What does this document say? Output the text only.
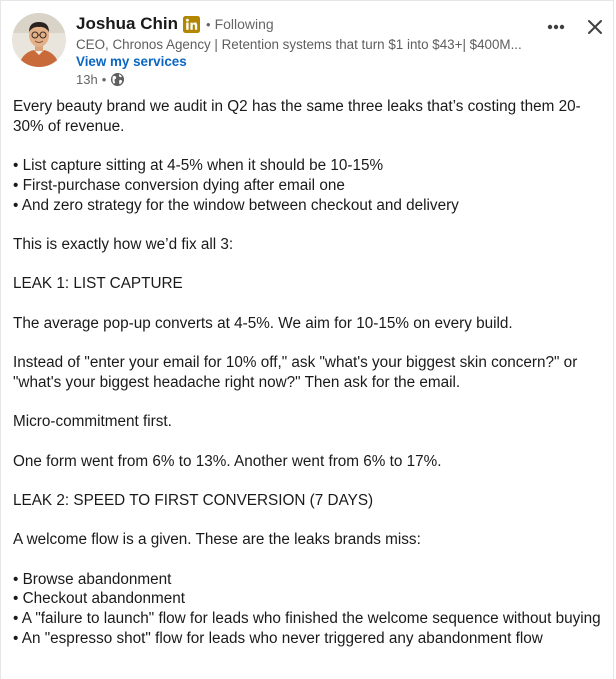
Joshua Chin • Following
CEO, Chronos Agency | Retention systems that turn $1 into $43+| $400M...
View my services
13h •

Every beauty brand we audit in Q2 has the same three leaks that’s costing them 20-30% of revenue.

• List capture sitting at 4-5% when it should be 10-15%

• First-purchase conversion dying after email one

• And zero strategy for the window between checkout and delivery

This is exactly how we’d fix all 3:

LEAK 1: LIST CAPTURE

The average pop-up converts at 4-5%. We aim for 10-15% on every build.

Instead of "enter your email for 10% off," ask "what's your biggest skin concern?" or "what's your biggest headache right now?" Then ask for the email.

Micro-commitment first.

One form went from 6% to 13%. Another went from 6% to 17%.

LEAK 2: SPEED TO FIRST CONVERSION (7 DAYS)

A welcome flow is a given. These are the leaks brands miss:

• Browse abandonment

• Checkout abandonment

• A "failure to launch" flow for leads who finished the welcome sequence without buying

• An "espresso shot" flow for leads who never triggered any abandonment flow
